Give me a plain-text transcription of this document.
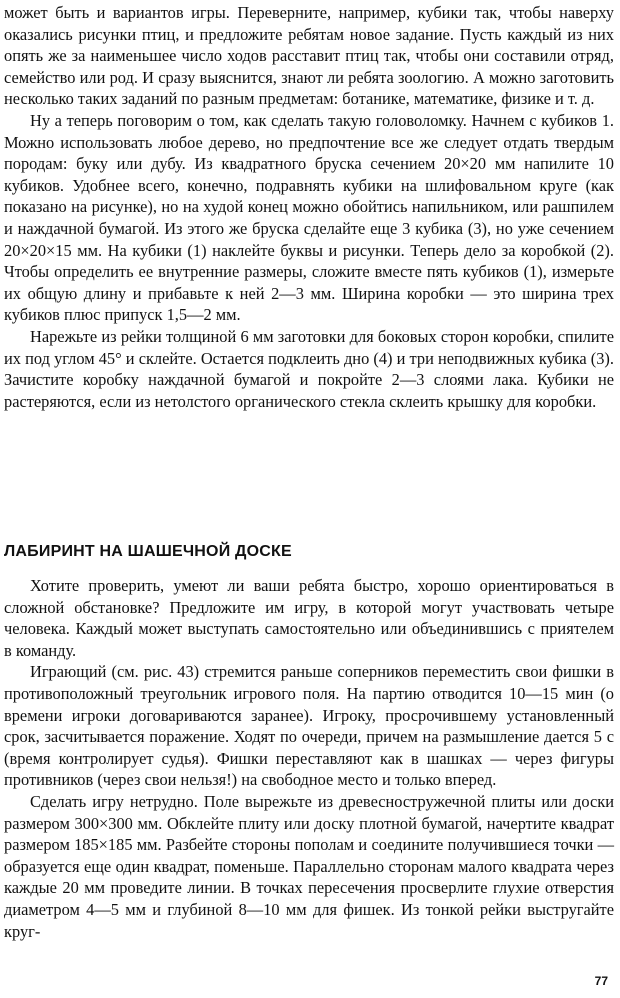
может быть и вариантов игры. Переверните, например, кубики так, чтобы наверху оказались рисунки птиц, и предложите ребятам новое задание. Пусть каждый из них опять же за наименьшее число ходов расставит птиц так, чтобы они составили отряд, семейство или род. И сразу выяснится, знают ли ребята зоологию. А можно заготовить несколько таких заданий по разным предметам: ботанике, математике, физике и т. д.

Ну а теперь поговорим о том, как сделать такую головоломку. Начнем с кубиков 1. Можно использовать любое дерево, но предпочтение все же следует отдать твердым породам: буку или дубу. Из квадратного бруска сечением 20×20 мм напилите 10 кубиков. Удобнее всего, конечно, подравнять кубики на шлифовальном круге (как показано на рисунке), но на худой конец можно обойтись напильником, или рашпилем и наждачной бумагой. Из этого же бруска сделайте еще 3 кубика (3), но уже сечением 20×20×15 мм. На кубики (1) наклейте буквы и рисунки. Теперь дело за коробкой (2). Чтобы определить ее внутренние размеры, сложите вместе пять кубиков (1), измерьте их общую длину и прибавьте к ней 2—3 мм. Ширина коробки — это ширина трех кубиков плюс припуск 1,5—2 мм.

Нарежьте из рейки толщиной 6 мм заготовки для боковых сторон коробки, спилите их под углом 45° и склейте. Остается подклеить дно (4) и три неподвижных кубика (3). Зачистите коробку наждачной бумагой и покройте 2—3 слоями лака. Кубики не растеряются, если из нетолстого органического стекла склеить крышку для коробки.

ЛАБИРИНТ НА ШАШЕЧНОЙ ДОСКЕ

Хотите проверить, умеют ли ваши ребята быстро, хорошо ориентироваться в сложной обстановке? Предложите им игру, в которой могут участвовать четыре человека. Каждый может выступать самостоятельно или объединившись с приятелем в команду.

Играющий (см. рис. 43) стремится раньше соперников переместить свои фишки в противоположный треугольник игрового поля. На партию отводится 10—15 мин (о времени игроки договариваются заранее). Игроку, просрочившему установленный срок, засчитывается поражение. Ходят по очереди, причем на размышление дается 5 с (время контролирует судья). Фишки переставляют как в шашках — через фигуры противников (через свои нельзя!) на свободное место и только вперед.

Сделать игру нетрудно. Поле вырежьте из древесностружечной плиты или доски размером 300×300 мм. Обклейте плиту или доску плотной бумагой, начертите квадрат размером 185×185 мм. Разбейте стороны пополам и соедините получившиеся точки — образуется еще один квадрат, поменьше. Параллельно сторонам малого квадрата через каждые 20 мм проведите линии. В точках пересечения просверлите глухие отверстия диаметром 4—5 мм и глубиной 8—10 мм для фишек. Из тонкой рейки выстругайте круг-

77
